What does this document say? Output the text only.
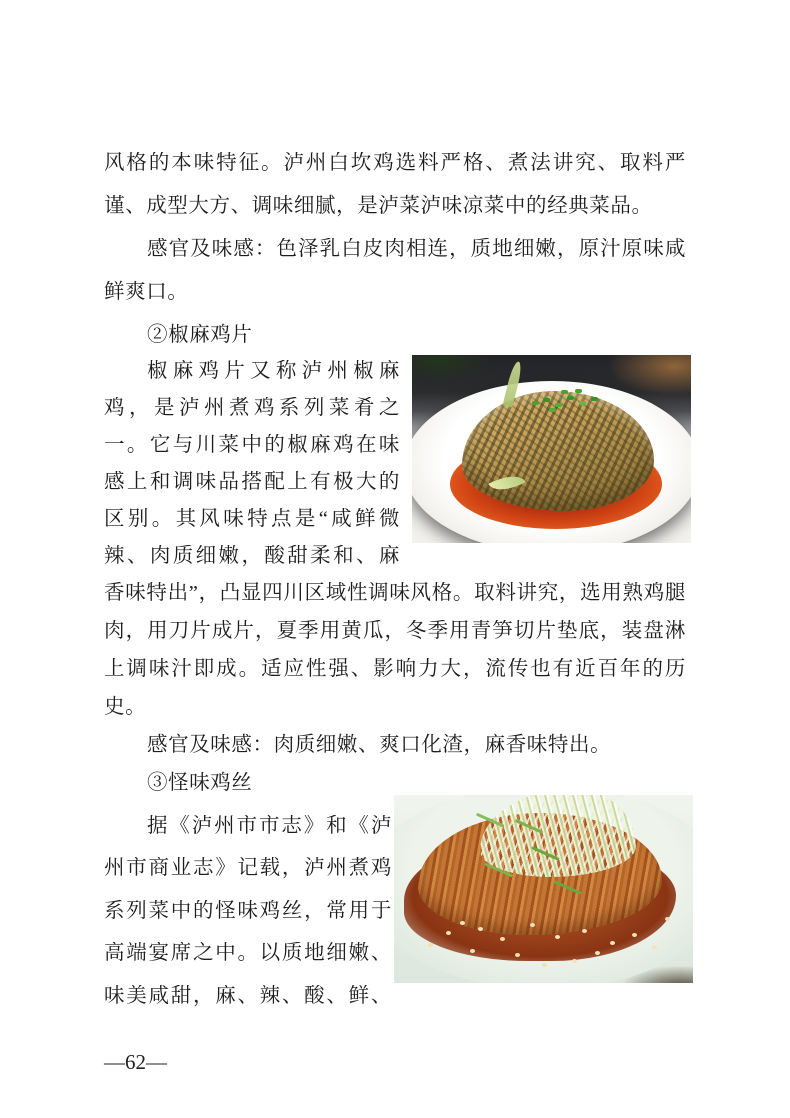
风格的本味特征。泸州白坎鸡选料严格、煮法讲究、取料严
谨、成型大方、调味细腻，是泸菜泸味凉菜中的经典菜品。
感官及味感：色泽乳白皮肉相连，质地细嫩，原汁原味咸
鲜爽口。
②椒麻鸡片
椒麻鸡片又称泸州椒麻
鸡，是泸州煮鸡系列菜肴之
一。它与川菜中的椒麻鸡在味
感上和调味品搭配上有极大的
区别。其风味特点是“咸鲜微
辣、肉质细嫩，酸甜柔和、麻
香味特出”，凸显四川区域性调味风格。取料讲究，选用熟鸡腿
肉，用刀片成片，夏季用黄瓜，冬季用青笋切片垫底，装盘淋
上调味汁即成。适应性强、影响力大，流传也有近百年的历
史。
感官及味感：肉质细嫩、爽口化渣，麻香味特出。
③怪味鸡丝
据《泸州市市志》和《泸
州市商业志》记载，泸州煮鸡
系列菜中的怪味鸡丝，常用于
高端宴席之中。以质地细嫩、
味美咸甜，麻、辣、酸、鲜、
—62—
